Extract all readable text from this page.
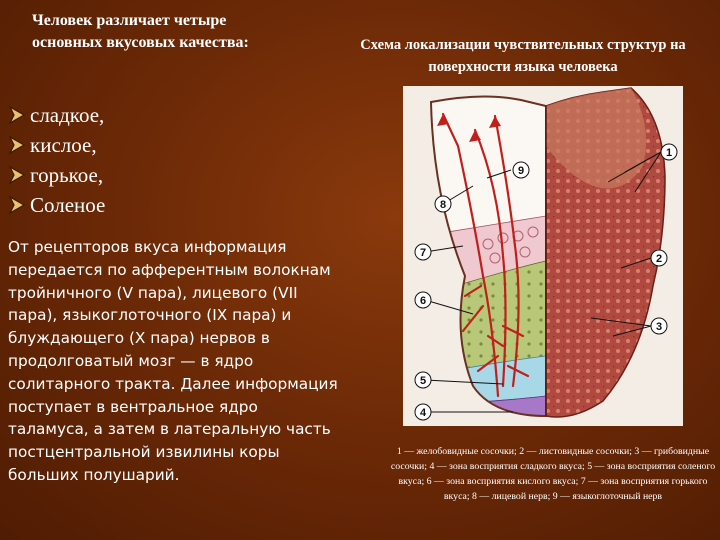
Человек различает четыре основных вкусовых качества:
сладкое,
кислое,
горькое,
Соленое
От рецепторов вкуса информация передается по афферентным волокнам тройничного (V пара), лицевого (VII пара), языкоглоточного (IX пара) и блуждающего (X пара) нервов в продолговатый мозг — в ядро солитарного тракта. Далее информация поступает в вентральное ядро таламуса, а затем в латеральную часть постцентральной извилины коры больших полушарий.
Схема локализации чувствительных структур на поверхности языка человека
1
2
3
4
5
6
7
8
9
1 — желобовидные сосочки; 2 — листовидные сосочки; 3 — грибовидные сосочки; 4 — зона восприятия сладкого вкуса; 5 — зона восприятия соленого вкуса; 6 — зона восприятия кислого вкуса; 7 — зона восприятия горького вкуса; 8 — лицевой нерв; 9 — языкоглоточный нерв
